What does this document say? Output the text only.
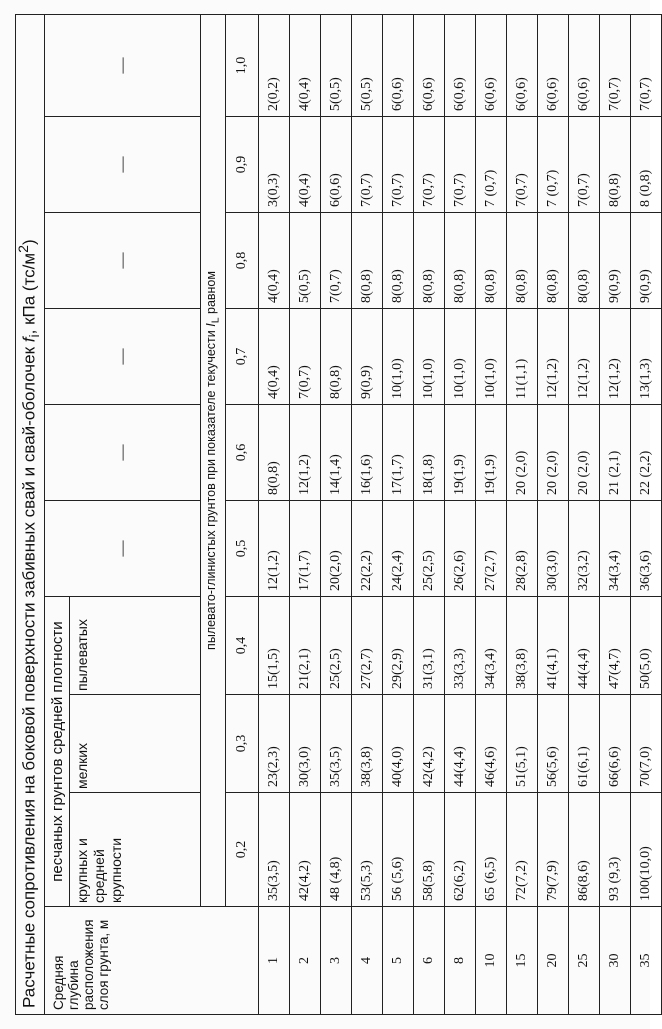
Расчетные сопротивления на боковой поверхности забивных свай и свай-оболочек $f_i$, кПа $(тс/м^2)$									
Средняя глубина расположения слоя грунта, м	песчаных грунтов средней плотности			—	—	—	—	—	—
	крупных и средней крупности	мелких	пылеватых						
	пылевато-глинистых грунтов при показателе текучести $I_L$ равном								
	0,2	0,3	0,4	0,5	0,6	0,7	0,8	0,9	1,0
1	35(3,5)	23(2,3)	15(1,5)	12(1,2)	8(0,8)	4(0,4)	4(0,4)	3(0,3)	2(0,2)
2	42(4,2)	30(3,0)	21(2,1)	17(1,7)	12(1,2)	7(0,7)	5(0,5)	4(0,4)	4(0,4)
3	48 (4,8)	35(3,5)	25(2,5)	20(2,0)	14(1,4)	8(0,8)	7(0,7)	6(0,6)	5(0,5)
4	53(5,3)	38(3,8)	27(2,7)	22(2,2)	16(1,6)	9(0,9)	8(0,8)	7(0,7)	5(0,5)
5	56 (5,6)	40(4,0)	29(2,9)	24(2,4)	17(1,7)	10(1,0)	8(0,8)	7(0,7)	6(0,6)
6	58(5,8)	42(4,2)	31(3,1)	25(2,5)	18(1,8)	10(1,0)	8(0,8)	7(0,7)	6(0,6)
8	62(6,2)	44(4,4)	33(3,3)	26(2,6)	19(1,9)	10(1,0)	8(0,8)	7(0,7)	6(0,6)
10	65 (6,5)	46(4,6)	34(3,4)	27(2,7)	19(1,9)	10(1,0)	8(0,8)	7 (0,7)	6(0,6)
15	72(7,2)	51(5,1)	38(3,8)	28(2,8)	20 (2,0)	11(1,1)	8(0,8)	7(0,7)	6(0,6)
20	79(7,9)	56(5,6)	41(4,1)	30(3,0)	20 (2,0)	12(1,2)	8(0,8)	7 (0,7)	6(0,6)
25	86(8,6)	61(6,1)	44(4,4)	32(3,2)	20 (2,0)	12(1,2)	8(0,8)	7(0,7)	6(0,6)
30	93 (9,3)	66(6,6)	47(4,7)	34(3,4)	21 (2,1)	12(1,2)	9(0,9)	8(0,8)	7(0,7)
35	100(10,0)	70(7,0)	50(5,0)	36(3,6)	22 (2,2)	13(1,3)	9(0,9)	8 (0,8)	7(0,7)
